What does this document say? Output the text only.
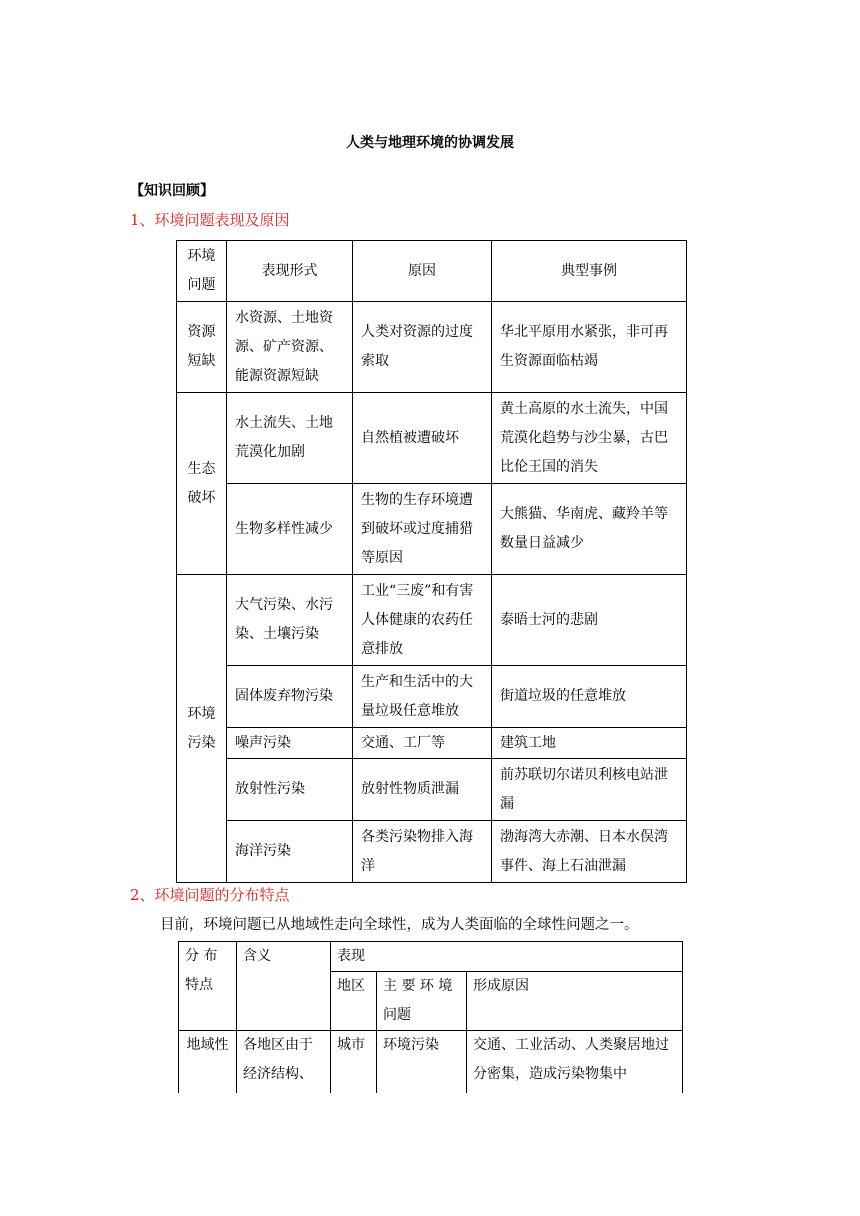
人类与地理环境的协调发展
【知识回顾】
1、环境问题表现及原因
环境问题	表现形式	原因	典型事例
资源短缺	水资源、土地资源、矿产资源、能源资源短缺	人类对资源的过度索取	华北平原用水紧张，非可再生资源面临枯竭
生态破坏	水土流失、土地荒漠化加剧	自然植被遭破坏	黄土高原的水土流失，中国荒漠化趋势与沙尘暴，古巴比伦王国的消失
	生物多样性减少	生物的生存环境遭到破坏或过度捕猎等原因	大熊猫、华南虎、藏羚羊等数量日益减少
环境污染	大气污染、水污染、土壤污染	工业“三废”和有害人体健康的农药任意排放	泰晤士河的悲剧
	固体废弃物污染	生产和生活中的大量垃圾任意堆放	街道垃圾的任意堆放
	噪声污染	交通、工厂等	建筑工地
	放射性污染	放射性物质泄漏	前苏联切尔诺贝利核电站泄漏
	海洋污染	各类污染物排入海洋	渤海湾大赤潮、日本水俣湾事件、海上石油泄漏
2、环境问题的分布特点
目前，环境问题已从地域性走向全球性，成为人类面临的全球性问题之一。
分 布 特点	含义	表现		
		地区	主 要 环 境 问题	形成原因
地域性	各地区由于经济结构、	城市	环境污染	交通、工业活动、人类聚居地过分密集，造成污染物集中
